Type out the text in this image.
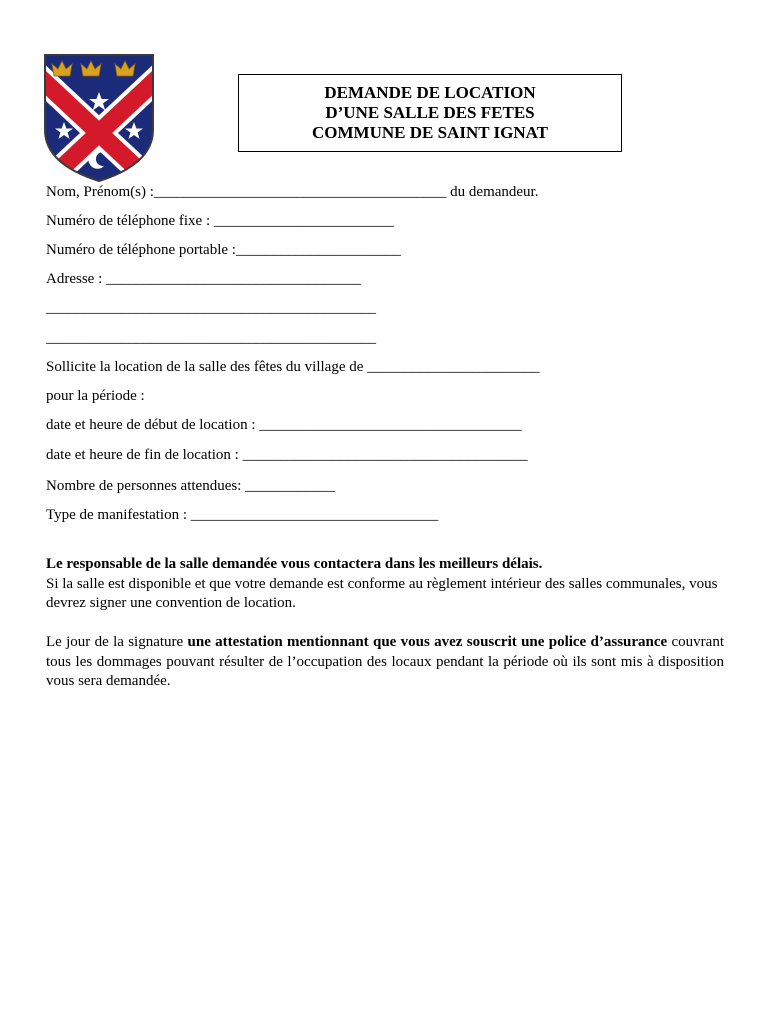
DEMANDE DE LOCATION
D’UNE SALLE DES FETES
COMMUNE DE SAINT IGNAT
Nom, Prénom(s) :_______________________________________ du demandeur.
Numéro de téléphone fixe : ________________________
Numéro de téléphone portable :______________________
Adresse : __________________________________
____________________________________________
____________________________________________
Sollicite la location de la salle des fêtes du village de _______________________
pour la période :
date et heure de début de location : ___________________________________
date et heure de fin de location : ______________________________________
Nombre de personnes attendues: ____________
Type de manifestation : _________________________________
Le responsable de la salle demandée vous contactera dans les meilleurs délais.
Si la salle est disponible et que votre demande est conforme au règlement intérieur des salles communales, vous devrez signer une convention de location.
Le jour de la signature une attestation mentionnant que vous avez souscrit une police d’assurance couvrant tous les dommages pouvant résulter de l’occupation des locaux pendant la période où ils sont mis à disposition vous sera demandée.
